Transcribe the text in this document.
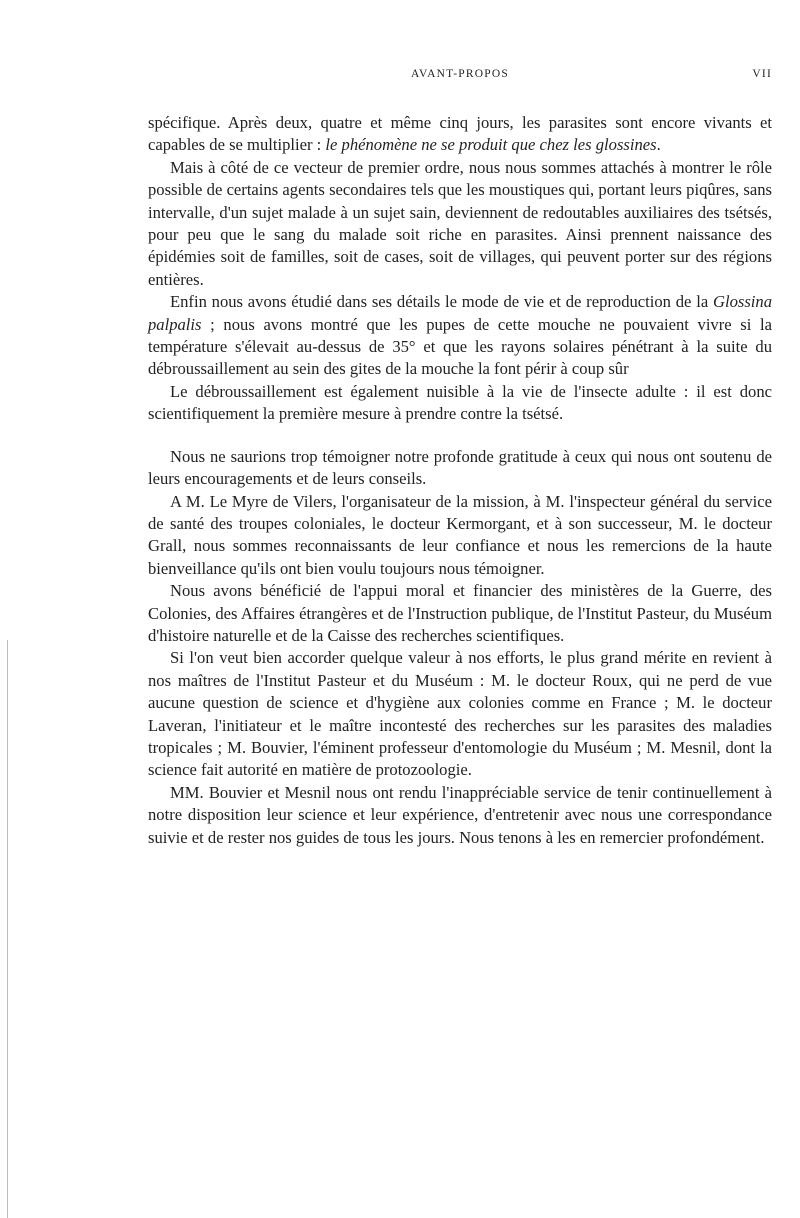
AVANT-PROPOS	VII

spécifique. Après deux, quatre et même cinq jours, les parasites sont encore vivants et capables de se multiplier : le phénomène ne se produit que chez les glossines.

Mais à côté de ce vecteur de premier ordre, nous nous sommes attachés à montrer le rôle possible de certains agents secondaires tels que les moustiques qui, portant leurs piqûres, sans intervalle, d'un sujet malade à un sujet sain, deviennent de redoutables auxiliaires des tsétsés, pour peu que le sang du malade soit riche en parasites. Ainsi prennent naissance des épidémies soit de familles, soit de cases, soit de villages, qui peuvent porter sur des régions entières.

Enfin nous avons étudié dans ses détails le mode de vie et de reproduction de la Glossina palpalis ; nous avons montré que les pupes de cette mouche ne pouvaient vivre si la température s'élevait au-dessus de 35° et que les rayons solaires pénétrant à la suite du débroussaillement au sein des gites de la mouche la font périr à coup sûr

Le débroussaillement est également nuisible à la vie de l'insecte adulte : il est donc scientifiquement la première mesure à prendre contre la tsétsé.

Nous ne saurions trop témoigner notre profonde gratitude à ceux qui nous ont soutenu de leurs encouragements et de leurs conseils.

A M. Le Myre de Vilers, l'organisateur de la mission, à M. l'inspecteur général du service de santé des troupes coloniales, le docteur Kermorgant, et à son successeur, M. le docteur Grall, nous sommes reconnaissants de leur confiance et nous les remercions de la haute bienveillance qu'ils ont bien voulu toujours nous témoigner.

Nous avons bénéficié de l'appui moral et financier des ministères de la Guerre, des Colonies, des Affaires étrangères et de l'Instruction publique, de l'Institut Pasteur, du Muséum d'histoire naturelle et de la Caisse des recherches scientifiques.

Si l'on veut bien accorder quelque valeur à nos efforts, le plus grand mérite en revient à nos maîtres de l'Institut Pasteur et du Muséum : M. le docteur Roux, qui ne perd de vue aucune question de science et d'hygiène aux colonies comme en France ; M. le docteur Laveran, l'initiateur et le maître incontesté des recherches sur les parasites des maladies tropicales ; M. Bouvier, l'éminent professeur d'entomologie du Muséum ; M. Mesnil, dont la science fait autorité en matière de protozoologie.

MM. Bouvier et Mesnil nous ont rendu l'inappréciable service de tenir continuellement à notre disposition leur science et leur expérience, d'entretenir avec nous une correspondance suivie et de rester nos guides de tous les jours. Nous tenons à les en remercier profondément.
